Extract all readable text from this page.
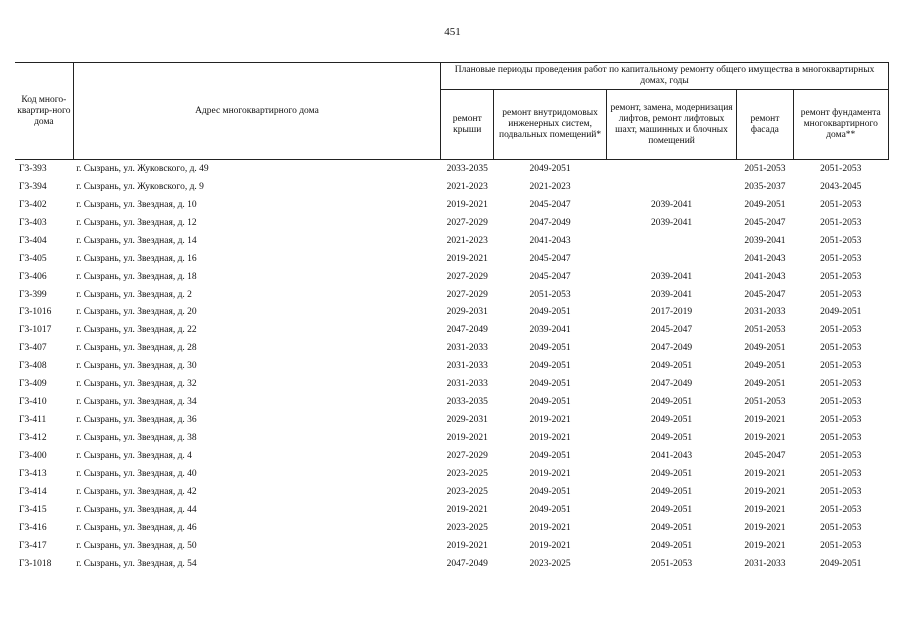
451
Код много-квартир-ного дома	Адрес многоквартирного дома	Плановые периоды проведения работ по капитальному ремонту общего имущества в многоквартирных домах, годы				
		ремонт крыши	ремонт внутридомовых инженерных систем, подвальных помещений*	ремонт, замена, модернизация лифтов, ремонт лифтовых шахт, машинных и блочных помещений	ремонт фасада	ремонт фундамента многоквартирного дома**
Г3-393	г. Сызрань, ул. Жуковского, д. 49	2033-2035	2049-2051		2051-2053	2051-2053
Г3-394	г. Сызрань, ул. Жуковского, д. 9	2021-2023	2021-2023		2035-2037	2043-2045
Г3-402	г. Сызрань, ул. Звездная, д. 10	2019-2021	2045-2047	2039-2041	2049-2051	2051-2053
Г3-403	г. Сызрань, ул. Звездная, д. 12	2027-2029	2047-2049	2039-2041	2045-2047	2051-2053
Г3-404	г. Сызрань, ул. Звездная, д. 14	2021-2023	2041-2043		2039-2041	2051-2053
Г3-405	г. Сызрань, ул. Звездная, д. 16	2019-2021	2045-2047		2041-2043	2051-2053
Г3-406	г. Сызрань, ул. Звездная, д. 18	2027-2029	2045-2047	2039-2041	2041-2043	2051-2053
Г3-399	г. Сызрань, ул. Звездная, д. 2	2027-2029	2051-2053	2039-2041	2045-2047	2051-2053
Г3-1016	г. Сызрань, ул. Звездная, д. 20	2029-2031	2049-2051	2017-2019	2031-2033	2049-2051
Г3-1017	г. Сызрань, ул. Звездная, д. 22	2047-2049	2039-2041	2045-2047	2051-2053	2051-2053
Г3-407	г. Сызрань, ул. Звездная, д. 28	2031-2033	2049-2051	2047-2049	2049-2051	2051-2053
Г3-408	г. Сызрань, ул. Звездная, д. 30	2031-2033	2049-2051	2049-2051	2049-2051	2051-2053
Г3-409	г. Сызрань, ул. Звездная, д. 32	2031-2033	2049-2051	2047-2049	2049-2051	2051-2053
Г3-410	г. Сызрань, ул. Звездная, д. 34	2033-2035	2049-2051	2049-2051	2051-2053	2051-2053
Г3-411	г. Сызрань, ул. Звездная, д. 36	2029-2031	2019-2021	2049-2051	2019-2021	2051-2053
Г3-412	г. Сызрань, ул. Звездная, д. 38	2019-2021	2019-2021	2049-2051	2019-2021	2051-2053
Г3-400	г. Сызрань, ул. Звездная, д. 4	2027-2029	2049-2051	2041-2043	2045-2047	2051-2053
Г3-413	г. Сызрань, ул. Звездная, д. 40	2023-2025	2019-2021	2049-2051	2019-2021	2051-2053
Г3-414	г. Сызрань, ул. Звездная, д. 42	2023-2025	2049-2051	2049-2051	2019-2021	2051-2053
Г3-415	г. Сызрань, ул. Звездная, д. 44	2019-2021	2049-2051	2049-2051	2019-2021	2051-2053
Г3-416	г. Сызрань, ул. Звездная, д. 46	2023-2025	2019-2021	2049-2051	2019-2021	2051-2053
Г3-417	г. Сызрань, ул. Звездная, д. 50	2019-2021	2019-2021	2049-2051	2019-2021	2051-2053
Г3-1018	г. Сызрань, ул. Звездная, д. 54	2047-2049	2023-2025	2051-2053	2031-2033	2049-2051
